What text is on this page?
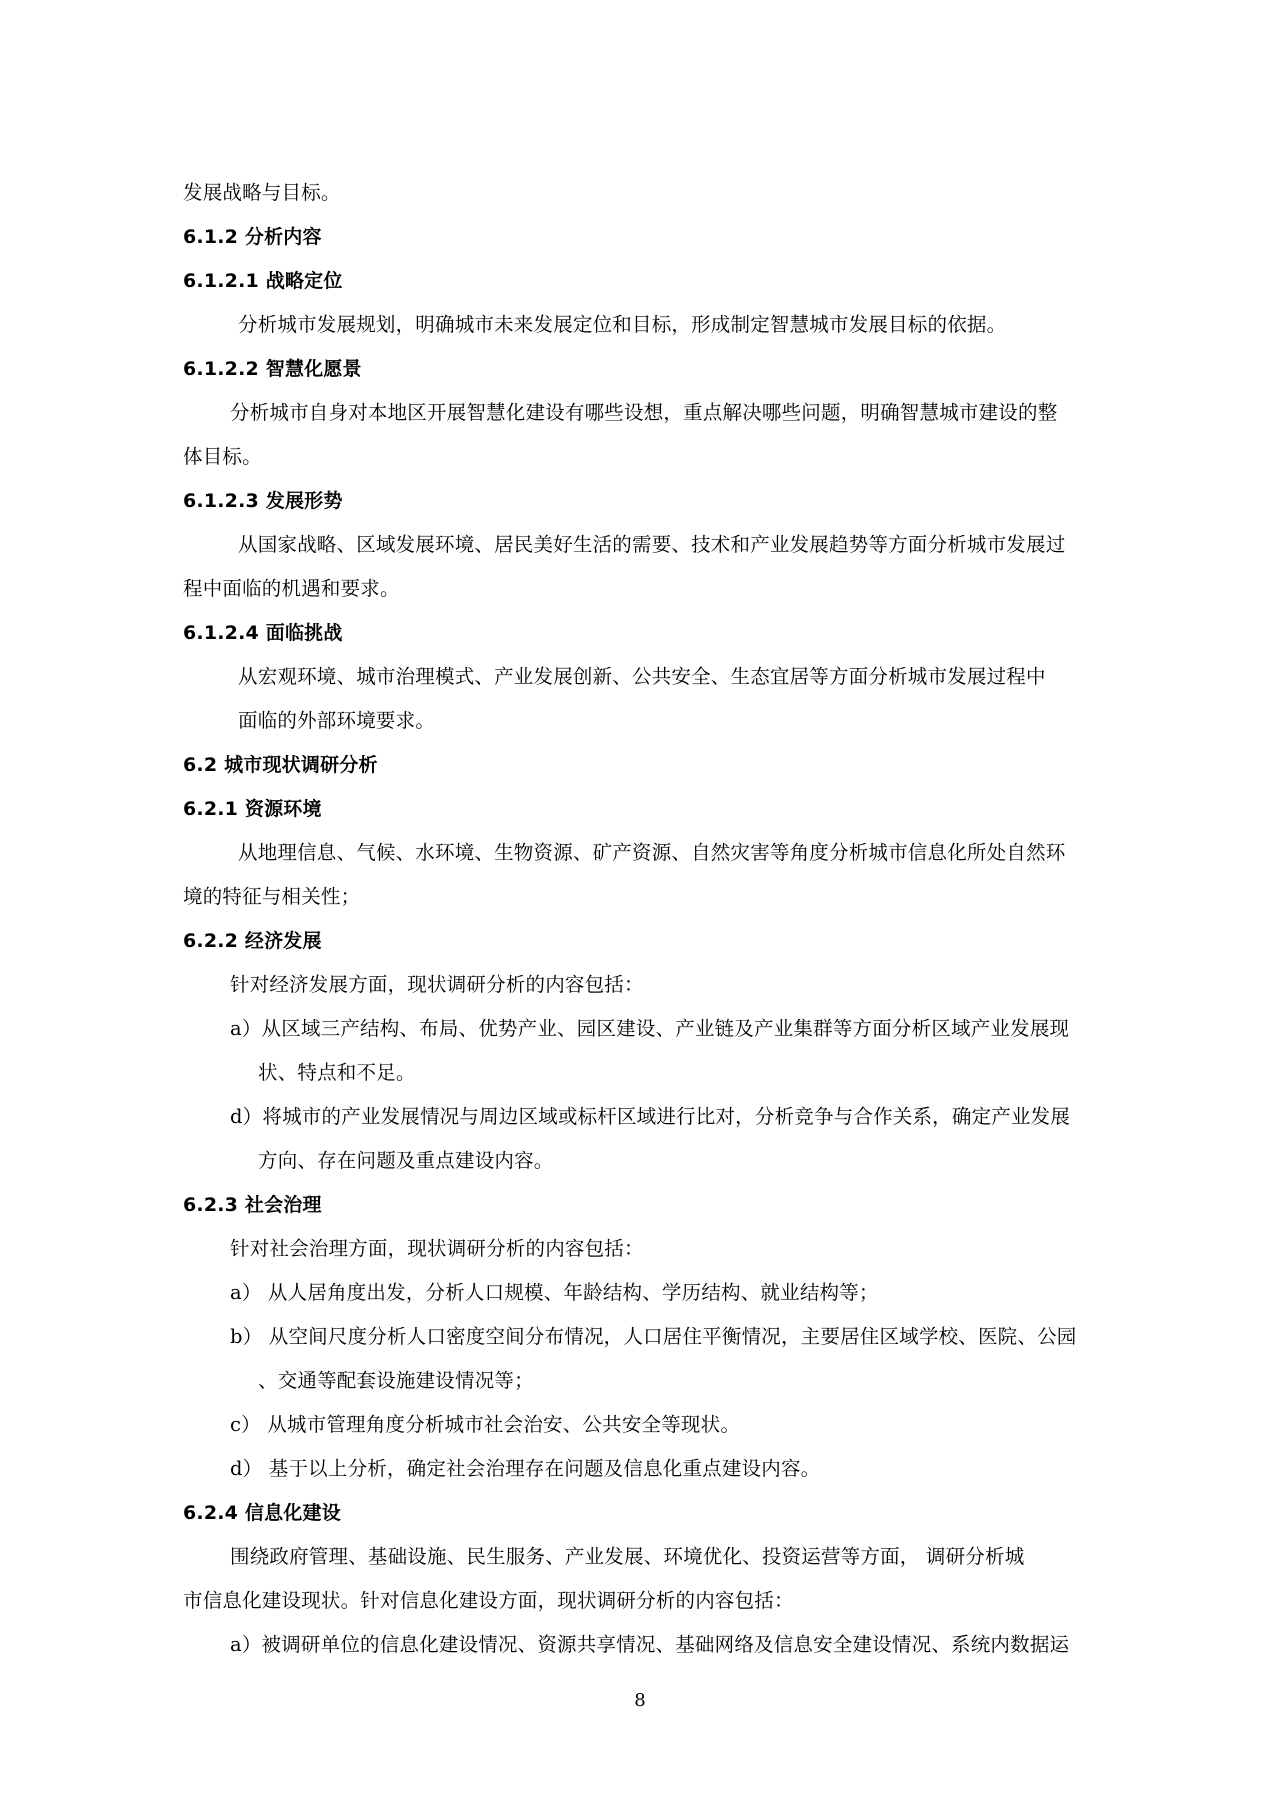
发展战略与目标。
6.1.2 分析内容
6.1.2.1 战略定位
分析城市发展规划，明确城市未来发展定位和目标，形成制定智慧城市发展目标的依据。
6.1.2.2 智慧化愿景
分析城市自身对本地区开展智慧化建设有哪些设想，重点解决哪些问题，明确智慧城市建设的整
体目标。
6.1.2.3 发展形势
从国家战略、区域发展环境、居民美好生活的需要、技术和产业发展趋势等方面分析城市发展过
程中面临的机遇和要求。
6.1.2.4 面临挑战
从宏观环境、城市治理模式、产业发展创新、公共安全、生态宜居等方面分析城市发展过程中
面临的外部环境要求。
6.2 城市现状调研分析
6.2.1 资源环境
从地理信息、气候、水环境、生物资源、矿产资源、自然灾害等角度分析城市信息化所处自然环
境的特征与相关性；
6.2.2 经济发展
针对经济发展方面，现状调研分析的内容包括：
a）从区域三产结构、布局、优势产业、园区建设、产业链及产业集群等方面分析区域产业发展现
状、特点和不足。
d）将城市的产业发展情况与周边区域或标杆区域进行比对，分析竞争与合作关系，确定产业发展
方向、存在问题及重点建设内容。
6.2.3 社会治理
针对社会治理方面，现状调研分析的内容包括：
a） 从人居角度出发，分析人口规模、年龄结构、学历结构、就业结构等；
b） 从空间尺度分析人口密度空间分布情况，人口居住平衡情况，主要居住区域学校、医院、公园
、交通等配套设施建设情况等；
c） 从城市管理角度分析城市社会治安、公共安全等现状。
d） 基于以上分析，确定社会治理存在问题及信息化重点建设内容。
6.2.4 信息化建设
围绕政府管理、基础设施、民生服务、产业发展、环境优化、投资运营等方面， 调研分析城
市信息化建设现状。针对信息化建设方面，现状调研分析的内容包括：
a）被调研单位的信息化建设情况、资源共享情况、基础网络及信息安全建设情况、系统内数据运
8
